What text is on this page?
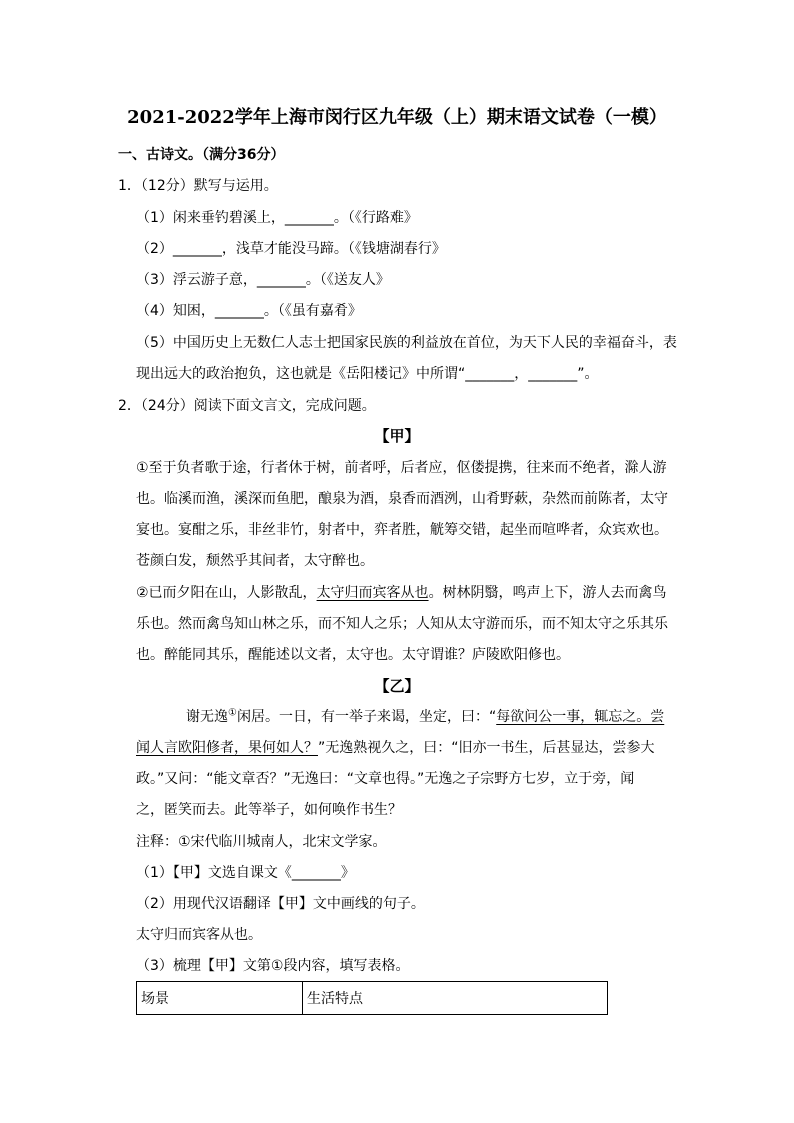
2021-2022学年上海市闵行区九年级（上）期末语文试卷（一模）
一、古诗文。（满分36分）
1．（12分）默写与运用。
（1）闲来垂钓碧溪上，_______。（《行路难》
（2）_______，浅草才能没马蹄。（《钱塘湖春行》
（3）浮云游子意，_______。（《送友人》
（4）知困，_______。（《虽有嘉肴》
（5）中国历史上无数仁人志士把国家民族的利益放在首位，为天下人民的幸福奋斗，表
现出远大的政治抱负，这也就是《岳阳楼记》中所谓“_______，_______”。
2．（24分）阅读下面文言文，完成问题。
【甲】
①至于负者歌于途，行者休于树，前者呼，后者应，伛偻提携，往来而不绝者，滁人游
也。临溪而渔，溪深而鱼肥，酿泉为酒，泉香而酒洌，山肴野蔌，杂然而前陈者，太守
宴也。宴酣之乐，非丝非竹，射者中，弈者胜，觥筹交错，起坐而喧哗者，众宾欢也。
苍颜白发，颓然乎其间者，太守醉也。
②已而夕阳在山，人影散乱，太守归而宾客从也。树林阴翳，鸣声上下，游人去而禽鸟
乐也。然而禽鸟知山林之乐，而不知人之乐；人知从太守游而乐，而不知太守之乐其乐
也。醉能同其乐，醒能述以文者，太守也。太守谓谁？庐陵欧阳修也。
【乙】
谢无逸①闲居。一日，有一举子来谒，坐定，曰：“每欲问公一事，辄忘之。尝
闻人言欧阳修者，果何如人？”无逸熟视久之，曰：“旧亦一书生，后甚显达，尝参大
政。”又问：“能文章否？”无逸曰：“文章也得。”无逸之子宗野方七岁，立于旁，闻
之，匿笑而去。此等举子，如何唤作书生？
注释：①宋代临川城南人，北宋文学家。
（1）【甲】文选自课文《_______》
（2）用现代汉语翻译【甲】文中画线的句子。
太守归而宾客从也。
（3）梳理【甲】文第①段内容，填写表格。
场景	生活特点
